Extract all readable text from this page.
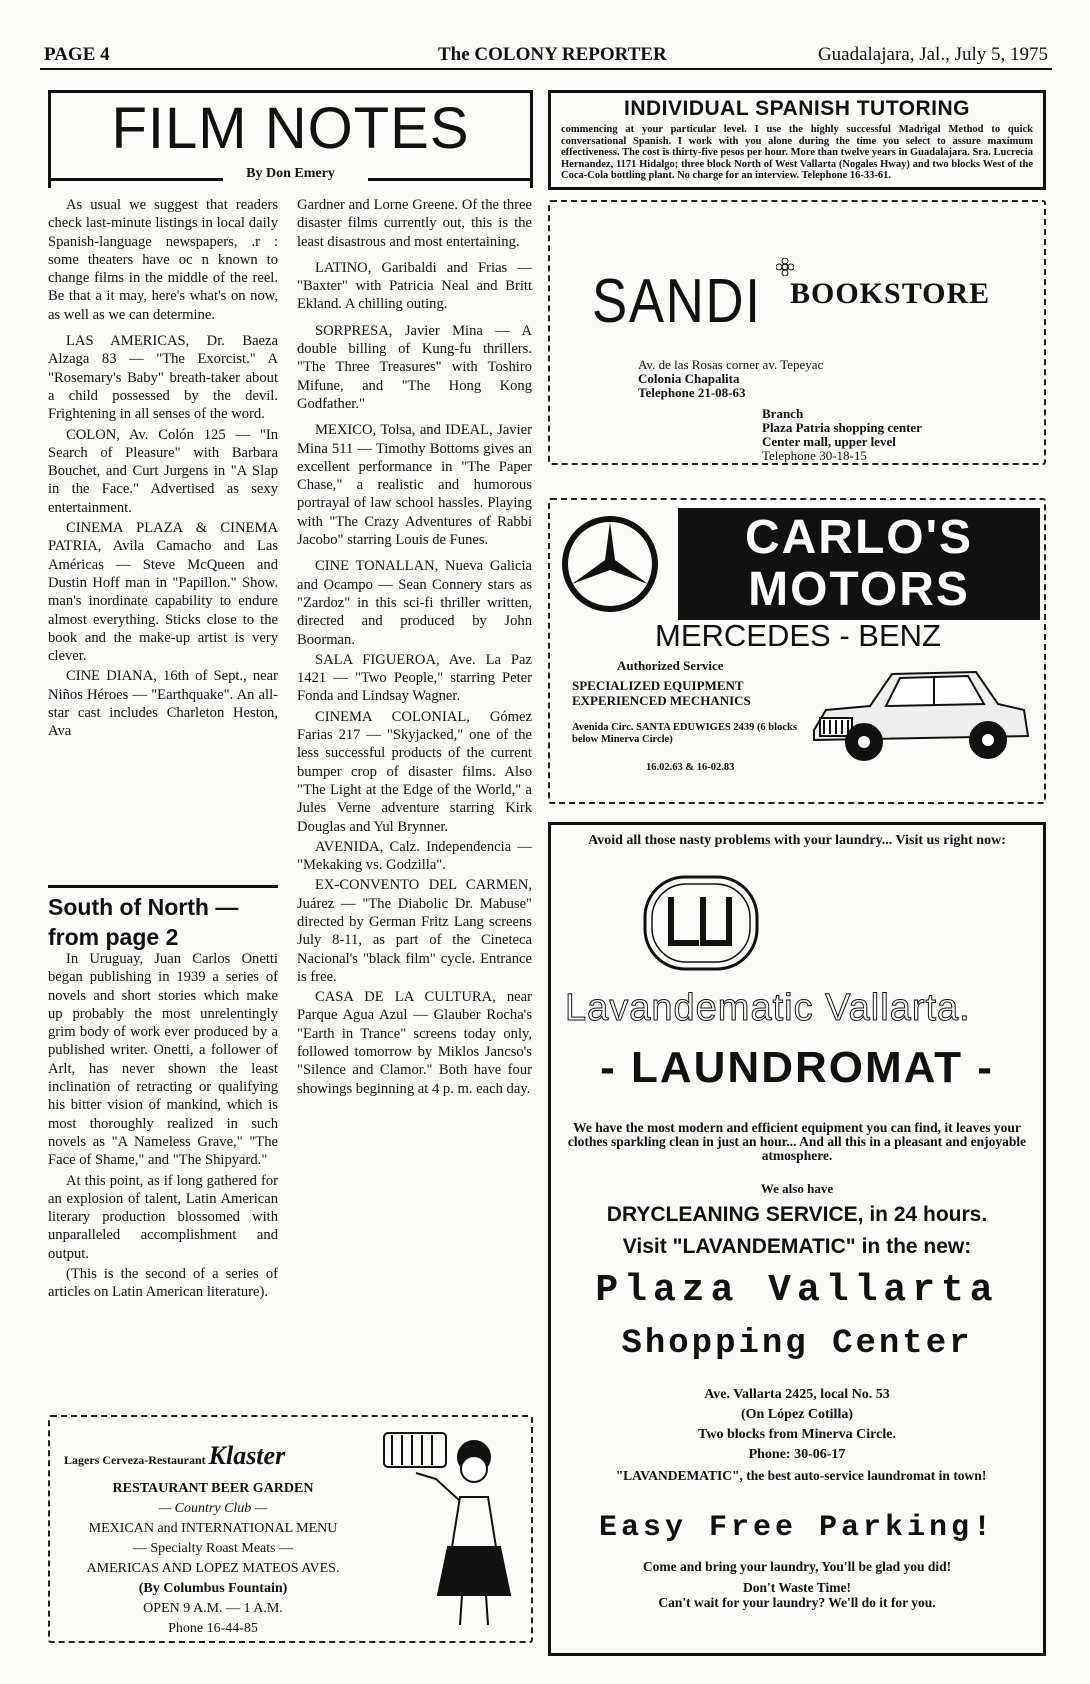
PAGE 4	The COLONY REPORTER	Guadalajara, Jal., July 5, 1975
FILM NOTES
By Don Emery

As usual we suggest that readers check last-minute listings in local daily Spanish-language newspapers, .r : some theaters have oc n known to change films in the middle of the reel. Be that a it may, here's what's on now, as well as we can determine.

LAS AMERICAS, Dr. Baeza Alzaga 83 — "The Exorcist." A "Rosemary's Baby" breath-taker about a child possessed by the devil. Frightening in all senses of the word.

COLON, Av. Colón 125 — "In Search of Pleasure" with Barbara Bouchet, and Curt Jurgens in "A Slap in the Face." Advertised as sexy entertainment.

CINEMA PLAZA & CINEMA PATRIA, Avila Camacho and Las Américas — Steve McQueen and Dustin Hoff man in "Papillon." Show. man's inordinate capability to endure almost everything. Sticks close to the book and the make-up artist is very clever.

CINE DIANA, 16th of Sept., near Niños Héroes — "Earthquake". An all-star cast includes Charleton Heston, Ava

South of North — from page 2

In Uruguay, Juan Carlos Onetti began publishing in 1939 a series of novels and short stories which make up probably the most unrelentingly grim body of work ever produced by a published writer. Onetti, a follower of Arlt, has never shown the least inclination of retracting or qualifying his bitter vision of mankind, which is most thoroughly realized in such novels as "A Nameless Grave," "The Face of Shame," and "The Shipyard."

At this point, as if long gathered for an explosion of talent, Latin American literary production blossomed with unparalleled accomplishment and output.

(This is the second of a series of articles on Latin American literature).

Gardner and Lorne Greene. Of the three disaster films currently out, this is the least disastrous and most entertaining.

LATINO, Garibaldi and Frias — "Baxter" with Patricia Neal and Britt Ekland. A chilling outing.

SORPRESA, Javier Mina — A double billing of Kung-fu thrillers. "The Three Treasures" with Toshiro Mifune, and "The Hong Kong Godfather."

MEXICO, Tolsa, and IDEAL, Javier Mina 511 — Timothy Bottoms gives an excellent performance in "The Paper Chase," a realistic and humorous portrayal of law school hassles. Playing with "The Crazy Adventures of Rabbi Jacobo" starring Louis de Funes.

CINE TONALLAN, Nueva Galicia and Ocampo — Sean Connery stars as "Zardoz" in this sci-fi thriller written, directed and produced by John Boorman.

SALA FIGUEROA, Ave. La Paz 1421 — "Two People," starring Peter Fonda and Lindsay Wagner.

CINEMA COLONIAL, Gómez Farias 217 — "Skyjacked," one of the less successful products of the current bumper crop of disaster films. Also "The Light at the Edge of the World," a Jules Verne adventure starring Kirk Douglas and Yul Brynner.

AVENIDA, Calz. Independencia — "Mekaking vs. Godzilla".

EX-CONVENTO DEL CARMEN, Juárez — "The Diabolic Dr. Mabuse" directed by German Fritz Lang screens July 8-11, as part of the Cineteca Nacional's "black film" cycle. Entrance is free.

CASA DE LA CULTURA, near Parque Agua Azul — Glauber Rocha's "Earth in Trance" screens today only, followed tomorrow by Miklos Jancso's "Silence and Clamor." Both have four showings beginning at 4 p. m. each day.

Lagers Cerveza-Restaurant Klaster
RESTAURANT BEER GARDEN
— Country Club —
MEXICAN and INTERNATIONAL MENU
— Specialty Roast Meats —
AMERICAS AND LOPEZ MATEOS AVES.
(By Columbus Fountain)
OPEN 9 A.M. — 1 A.M.
Phone 16-44-85
INDIVIDUAL SPANISH TUTORING
commencing at your particular level. I use the highly successful Madrigal Method to quick conversational Spanish. I work with you alone during the time you select to assure maximum effectiveness. The cost is thirty-five pesos per hour. More than twelve years in Guadalajara. Sra. Lucrecia Hernandez, 1171 Hidalgo; three block North of West Vallarta (Nogales Hway) and two blocks West of the Coca-Cola bottling plant. No charge for an interview. Telephone 16-33-61.
SANDI BOOKSTORE
Av. de las Rosas corner av. Tepeyac
Colonia Chapalita
Telephone 21-08-63
Branch
Plaza Patria shopping center
Center mall, upper level
Telephone 30-18-15
CARLO'S
MOTORS
MERCEDES - BENZ
Authorized Service
SPECIALIZED EQUIPMENT
EXPERIENCED MECHANICS
Avenida Circ. SANTA EDUWIGES 2439 (6 blocks below Minerva Circle)
16.02.63 & 16-02.83
Avoid all those nasty problems with your laundry... Visit us right now:
Lavandematic Vallarta.
- LAUNDROMAT -
We have the most modern and efficient equipment you can find, it leaves your clothes sparkling clean in just an hour... And all this in a pleasant and enjoyable atmosphere.
We also have
DRYCLEANING SERVICE, in 24 hours.
Visit "LAVANDEMATIC" in the new:
Plaza Vallarta
Shopping Center
Ave. Vallarta 2425, local No. 53
(On López Cotilla)
Two blocks from Minerva Circle.
Phone: 30-06-17
"LAVANDEMATIC", the best auto-service laundromat in town!
Easy Free Parking!
Come and bring your laundry, You'll be glad you did!
Don't Waste Time!
Can't wait for your laundry? We'll do it for you.
